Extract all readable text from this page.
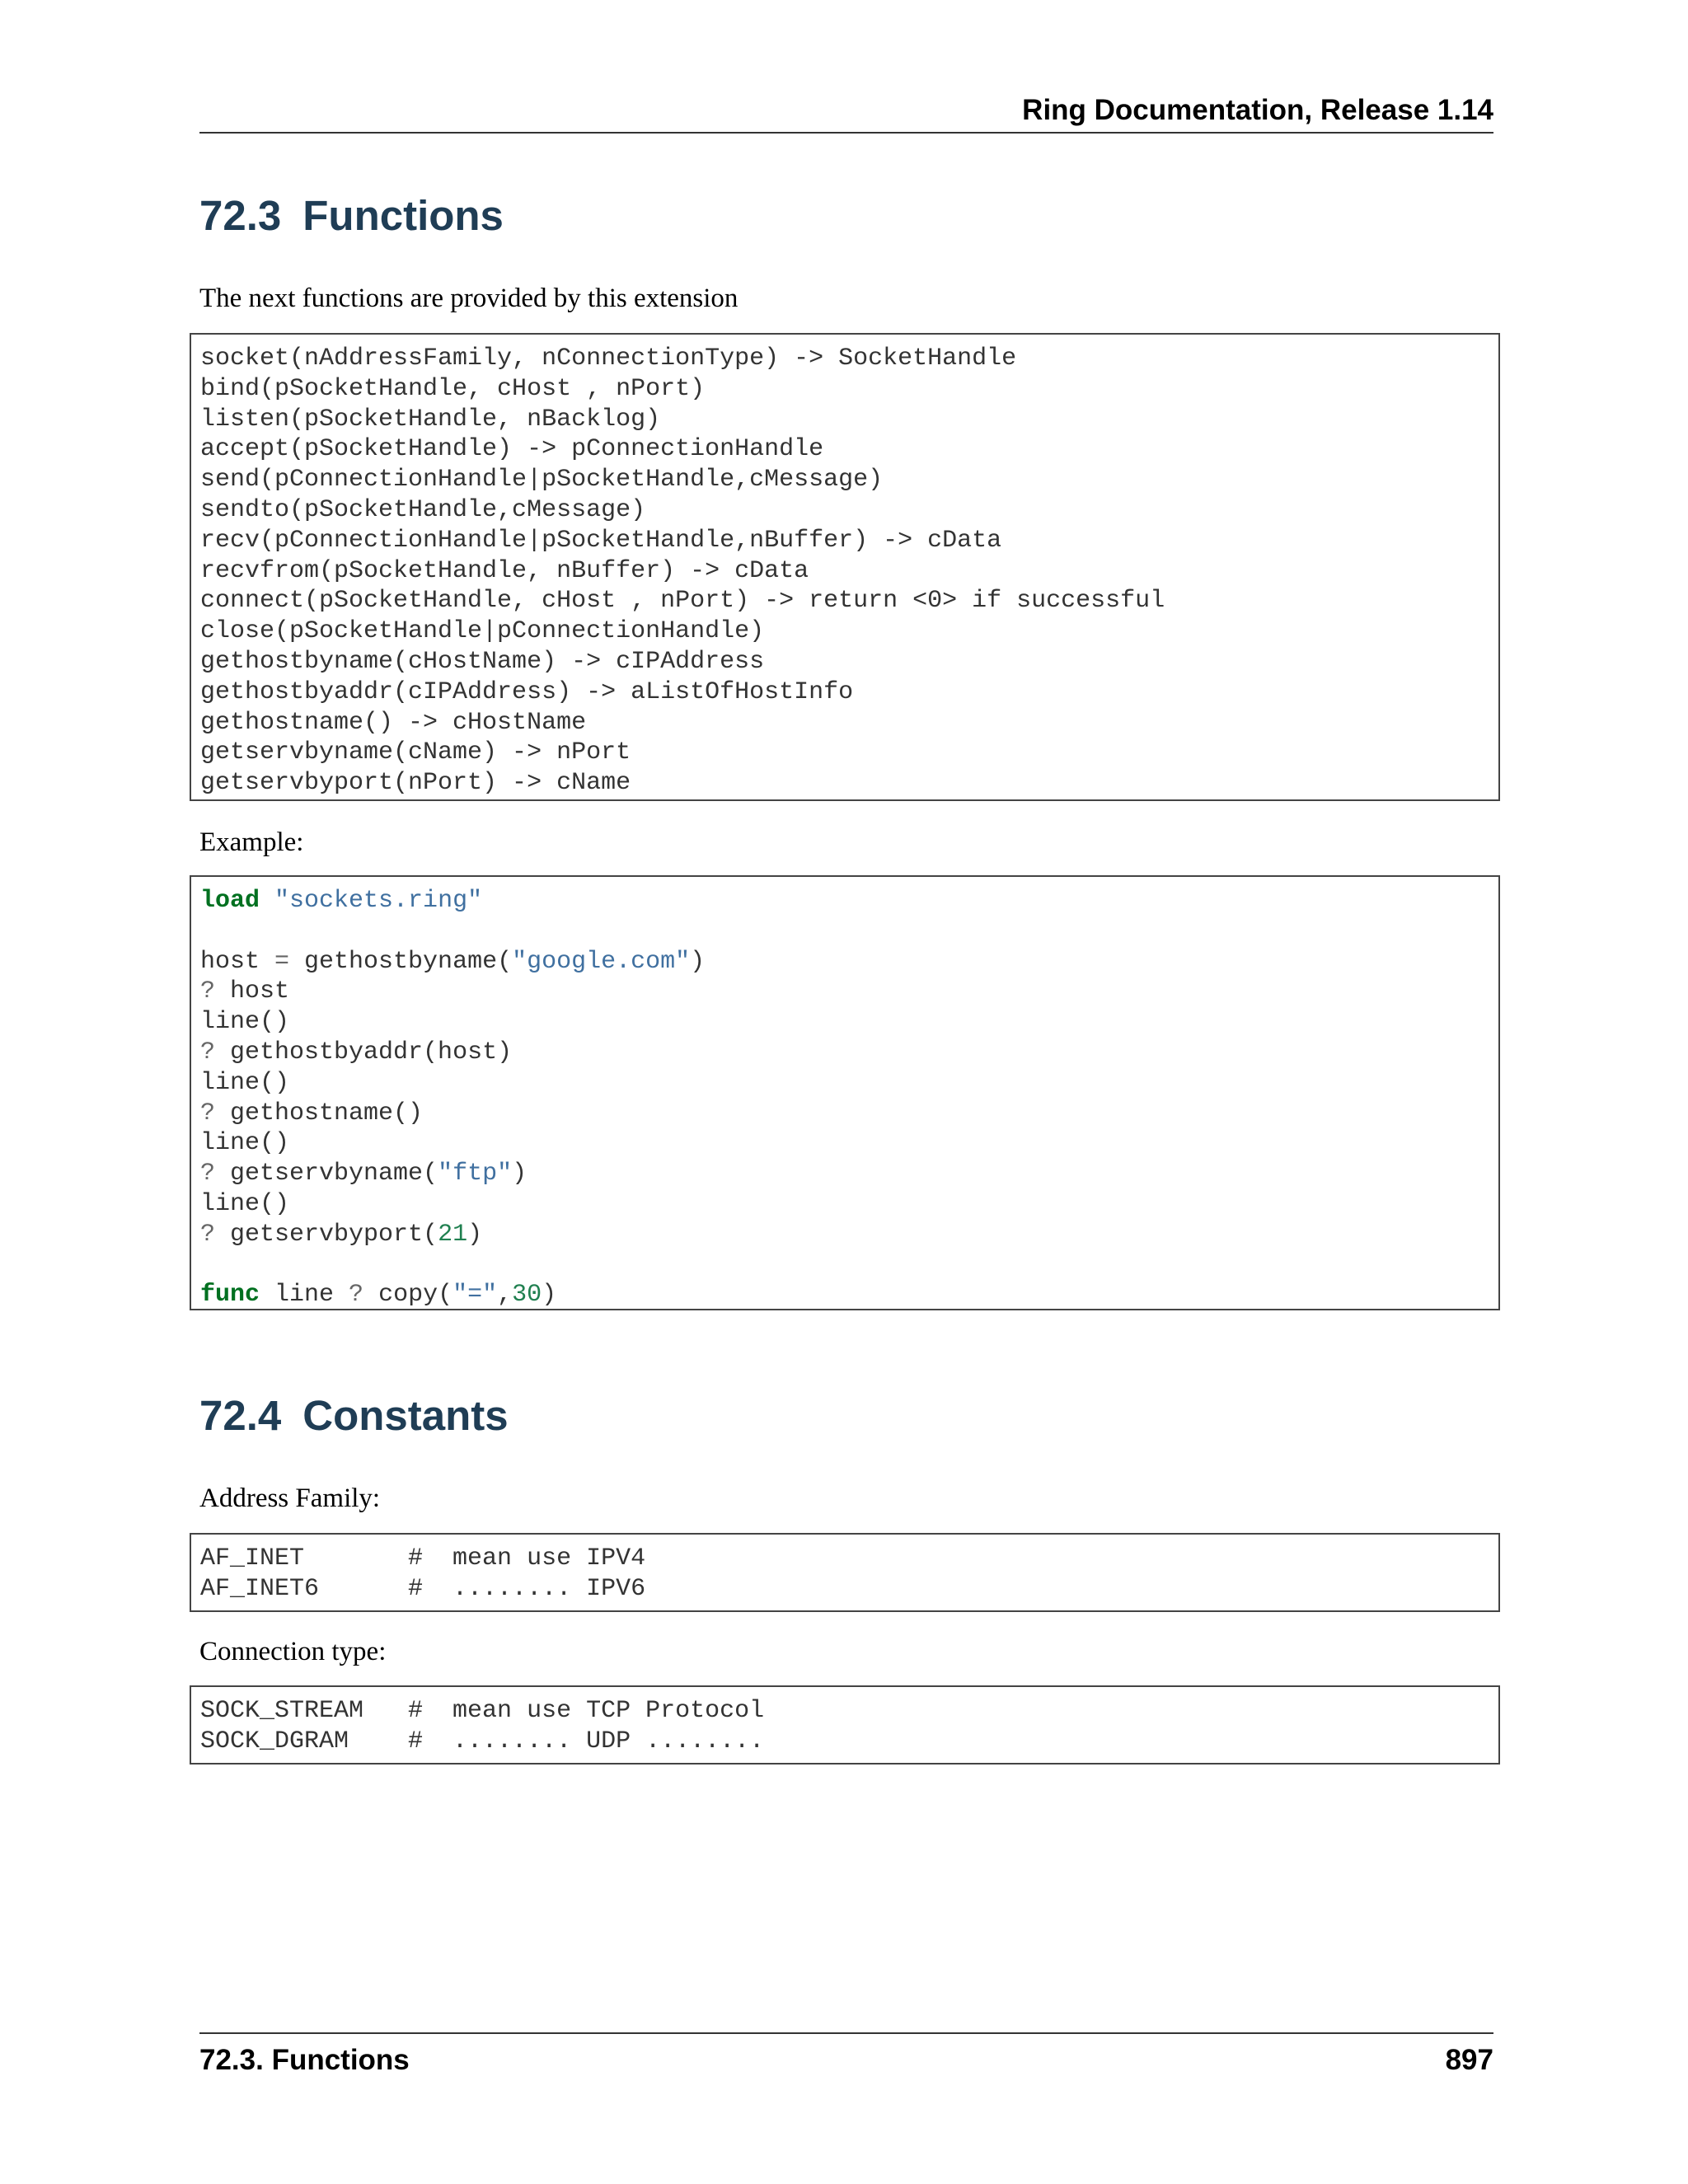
Ring Documentation, Release 1.14
72.3 Functions

The next functions are provided by this extension

socket(nAddressFamily, nConnectionType) -> SocketHandle
bind(pSocketHandle, cHost , nPort)
listen(pSocketHandle, nBacklog)
accept(pSocketHandle) -> pConnectionHandle
send(pConnectionHandle|pSocketHandle,cMessage)
sendto(pSocketHandle,cMessage)
recv(pConnectionHandle|pSocketHandle,nBuffer) -> cData
recvfrom(pSocketHandle, nBuffer) -> cData
connect(pSocketHandle, cHost , nPort) -> return <0> if successful
close(pSocketHandle|pConnectionHandle)
gethostbyname(cHostName) -> cIPAddress
gethostbyaddr(cIPAddress) -> aListOfHostInfo
gethostname() -> cHostName
getservbyname(cName) -> nPort
getservbyport(nPort) -> cName

Example:

load "sockets.ring"
host = gethostbyname("google.com")
? host
line()
? gethostbyaddr(host)
line()
? gethostname()
line()
? getservbyname("ftp")
line()
? getservbyport(21)
func line ? copy("=",30)
72.4 Constants

Address Family:

AF_INET       #  mean use IPV4
AF_INET6      #  ........ IPV6

Connection type:

SOCK_STREAM   #  mean use TCP Protocol
SOCK_DGRAM    #  ........ UDP ........
72.3. Functions	897
